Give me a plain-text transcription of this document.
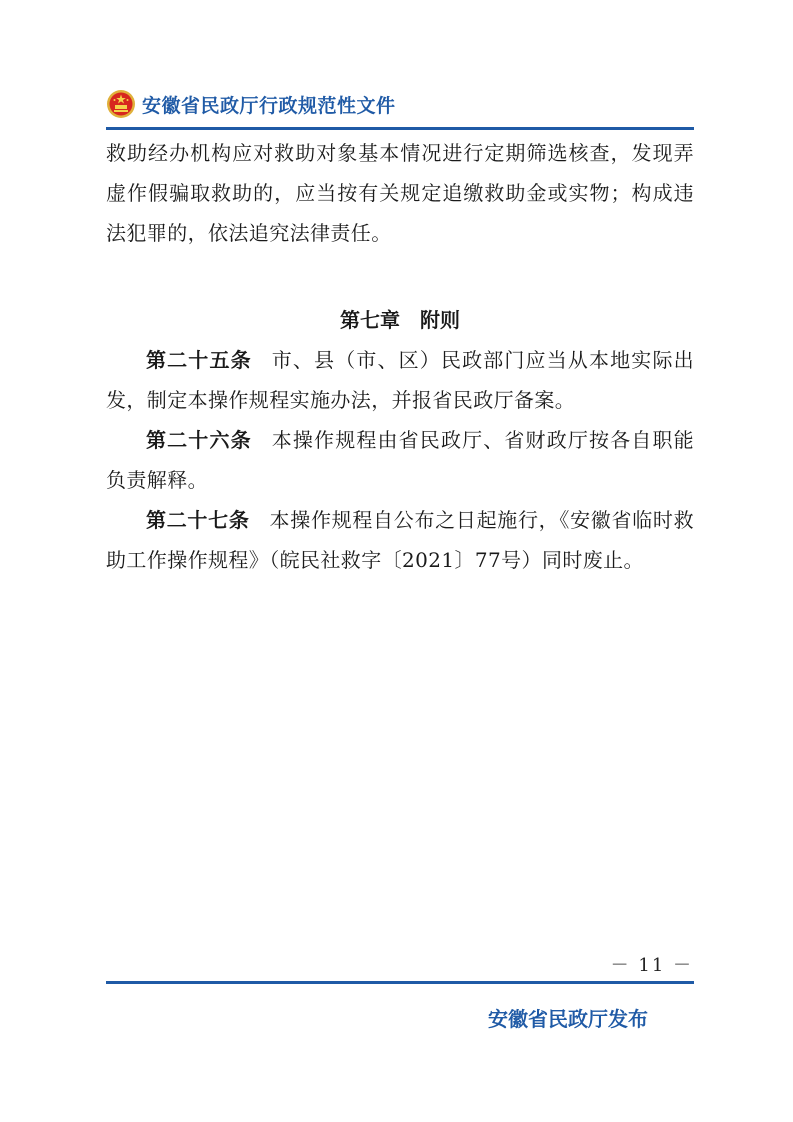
安徽省民政厅行政规范性文件

救助经办机构应对救助对象基本情况进行定期筛选核查，发现弄虚作假骗取救助的，应当按有关规定追缴救助金或实物；构成违法犯罪的，依法追究法律责任。

第七章　附则

第二十五条 市、县（市、区）民政部门应当从本地实际出发，制定本操作规程实施办法，并报省民政厅备案。

第二十六条 本操作规程由省民政厅、省财政厅按各自职能负责解释。

第二十七条 本操作规程自公布之日起施行，《安徽省临时救助工作操作规程》（皖民社救字〔2021〕77号）同时废止。

－ 11 －
安徽省民政厅发布
